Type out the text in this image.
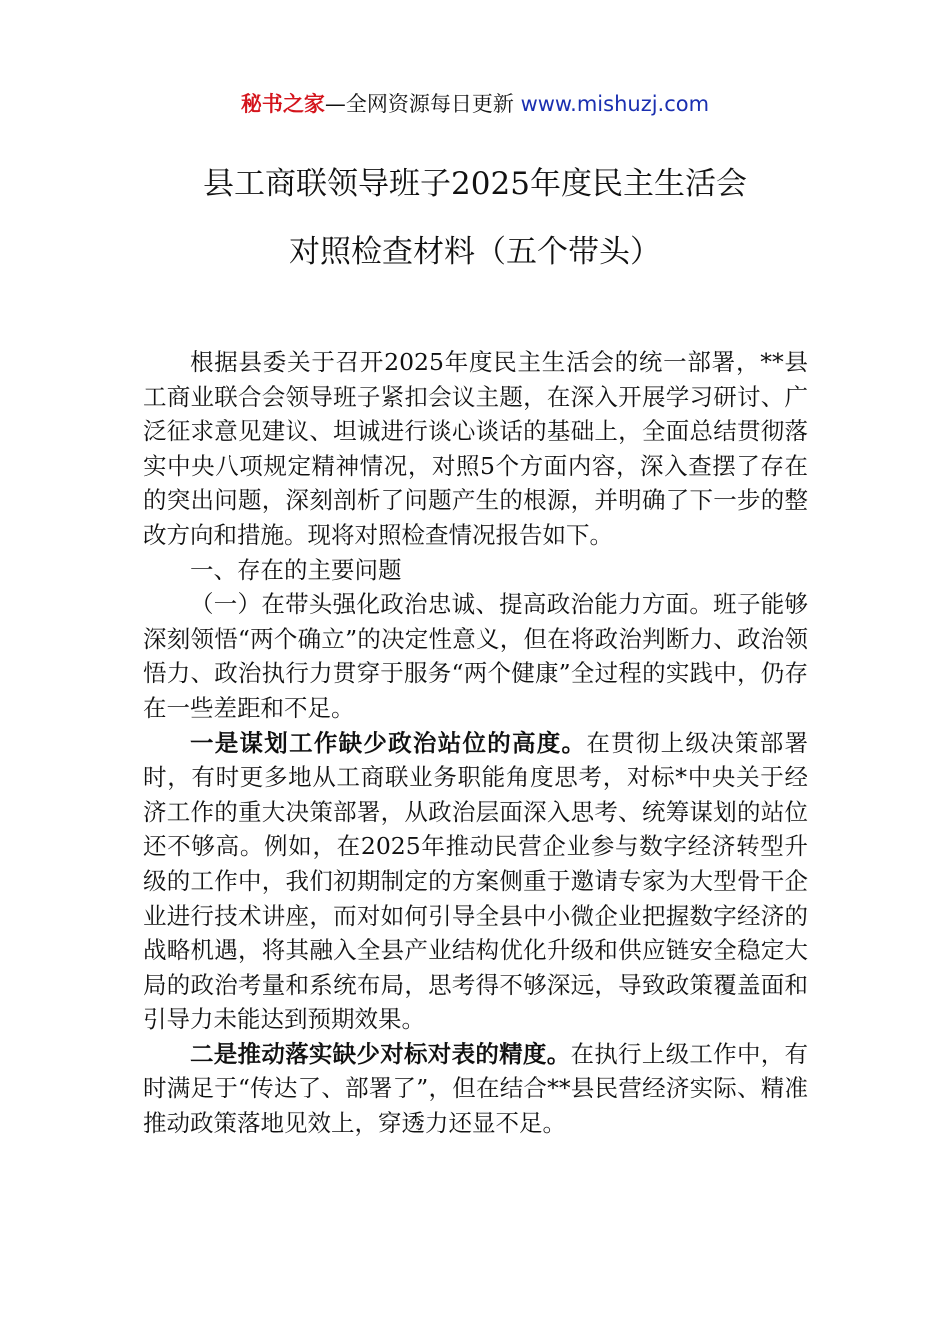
秘书之家—全网资源每日更新 www.mishuzj.com
县工商联领导班子2025年度民主生活会
对照检查材料（五个带头）

根据县委关于召开2025年度民主生活会的统一部署，**县工商业联合会领导班子紧扣会议主题，在深入开展学习研讨、广泛征求意见建议、坦诚进行谈心谈话的基础上，全面总结贯彻落实中央八项规定精神情况，对照5个方面内容，深入查摆了存在的突出问题，深刻剖析了问题产生的根源，并明确了下一步的整改方向和措施。现将对照检查情况报告如下。

一、存在的主要问题

（一）在带头强化政治忠诚、提高政治能力方面。班子能够深刻领悟“两个确立”的决定性意义，但在将政治判断力、政治领悟力、政治执行力贯穿于服务“两个健康”全过程的实践中，仍存在一些差距和不足。

一是谋划工作缺少政治站位的高度。在贯彻上级决策部署时，有时更多地从工商联业务职能角度思考，对标*中央关于经济工作的重大决策部署，从政治层面深入思考、统筹谋划的站位还不够高。例如，在2025年推动民营企业参与数字经济转型升级的工作中，我们初期制定的方案侧重于邀请专家为大型骨干企业进行技术讲座，而对如何引导全县中小微企业把握数字经济的战略机遇，将其融入全县产业结构优化升级和供应链安全稳定大局的政治考量和系统布局，思考得不够深远，导致政策覆盖面和引导力未能达到预期效果。

二是推动落实缺少对标对表的精度。在执行上级工作中，有时满足于“传达了、部署了”，但在结合**县民营经济实际、精准推动政策落地见效上，穿透力还显不足。
